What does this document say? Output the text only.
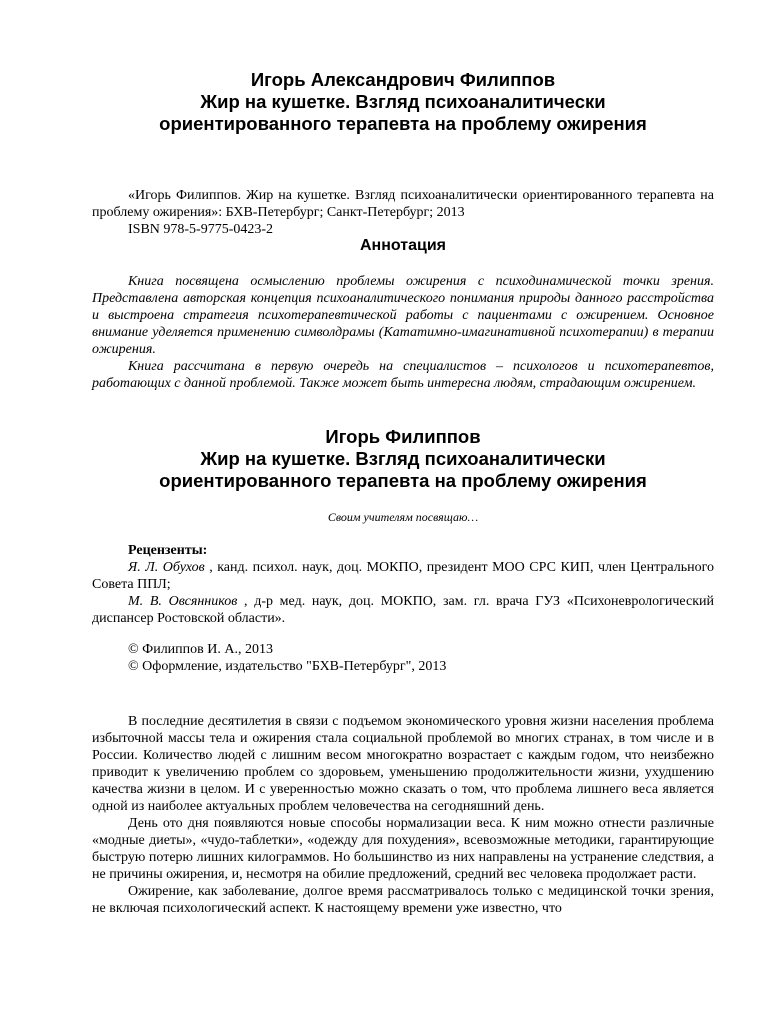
Игорь Александрович Филиппов
Жир на кушетке. Взгляд психоаналитически
ориентированного терапевта на проблему ожирения

«Игорь Филиппов. Жир на кушетке. Взгляд психоаналитически ориентированного терапевта на проблему ожирения»: БХВ-Петербург; Санкт-Петербург; 2013

ISBN 978-5-9775-0423-2

Аннотация

Книга посвящена осмыслению проблемы ожирения с психодинамической точки зрения. Представлена авторская концепция психоаналитического понимания природы данного расстройства и выстроена стратегия психотерапевтической работы с пациентами с ожирением. Основное внимание уделяется применению символдрамы (Кататимно-имагинативной психотерапии) в терапии ожирения.

Книга рассчитана в первую очередь на специалистов – психологов и психотерапевтов, работающих с данной проблемой. Также может быть интересна людям, страдающим ожирением.

Игорь Филиппов
Жир на кушетке. Взгляд психоаналитически
ориентированного терапевта на проблему ожирения
Своим учителям посвящаю…

Рецензенты:

Я. Л. Обухов , канд. психол. наук, доц. МОКПО, президент МОО СРС КИП, член Центрального Совета ППЛ;

М. В. Овсянников , д-р мед. наук, доц. МОКПО, зам. гл. врача ГУЗ «Психоневрологический диспансер Ростовской области».

© Филиппов И. А., 2013

© Оформление, издательство "БХВ-Петербург", 2013

В последние десятилетия в связи с подъемом экономического уровня жизни населения проблема избыточной массы тела и ожирения стала социальной проблемой во многих странах, в том числе и в России. Количество людей с лишним весом многократно возрастает с каждым годом, что неизбежно приводит к увеличению проблем со здоровьем, уменьшению продолжительности жизни, ухудшению качества жизни в целом. И с уверенностью можно сказать о том, что проблема лишнего веса является одной из наиболее актуальных проблем человечества на сегодняшний день.

День ото дня появляются новые способы нормализации веса. К ним можно отнести различные «модные диеты», «чудо-таблетки», «одежду для похудения», всевозможные методики, гарантирующие быструю потерю лишних килограммов. Но большинство из них направлены на устранение следствия, а не причины ожирения, и, несмотря на обилие предложений, средний вес человека продолжает расти.

Ожирение, как заболевание, долгое время рассматривалось только с медицинской точки зрения, не включая психологический аспект. К настоящему времени уже известно, что
